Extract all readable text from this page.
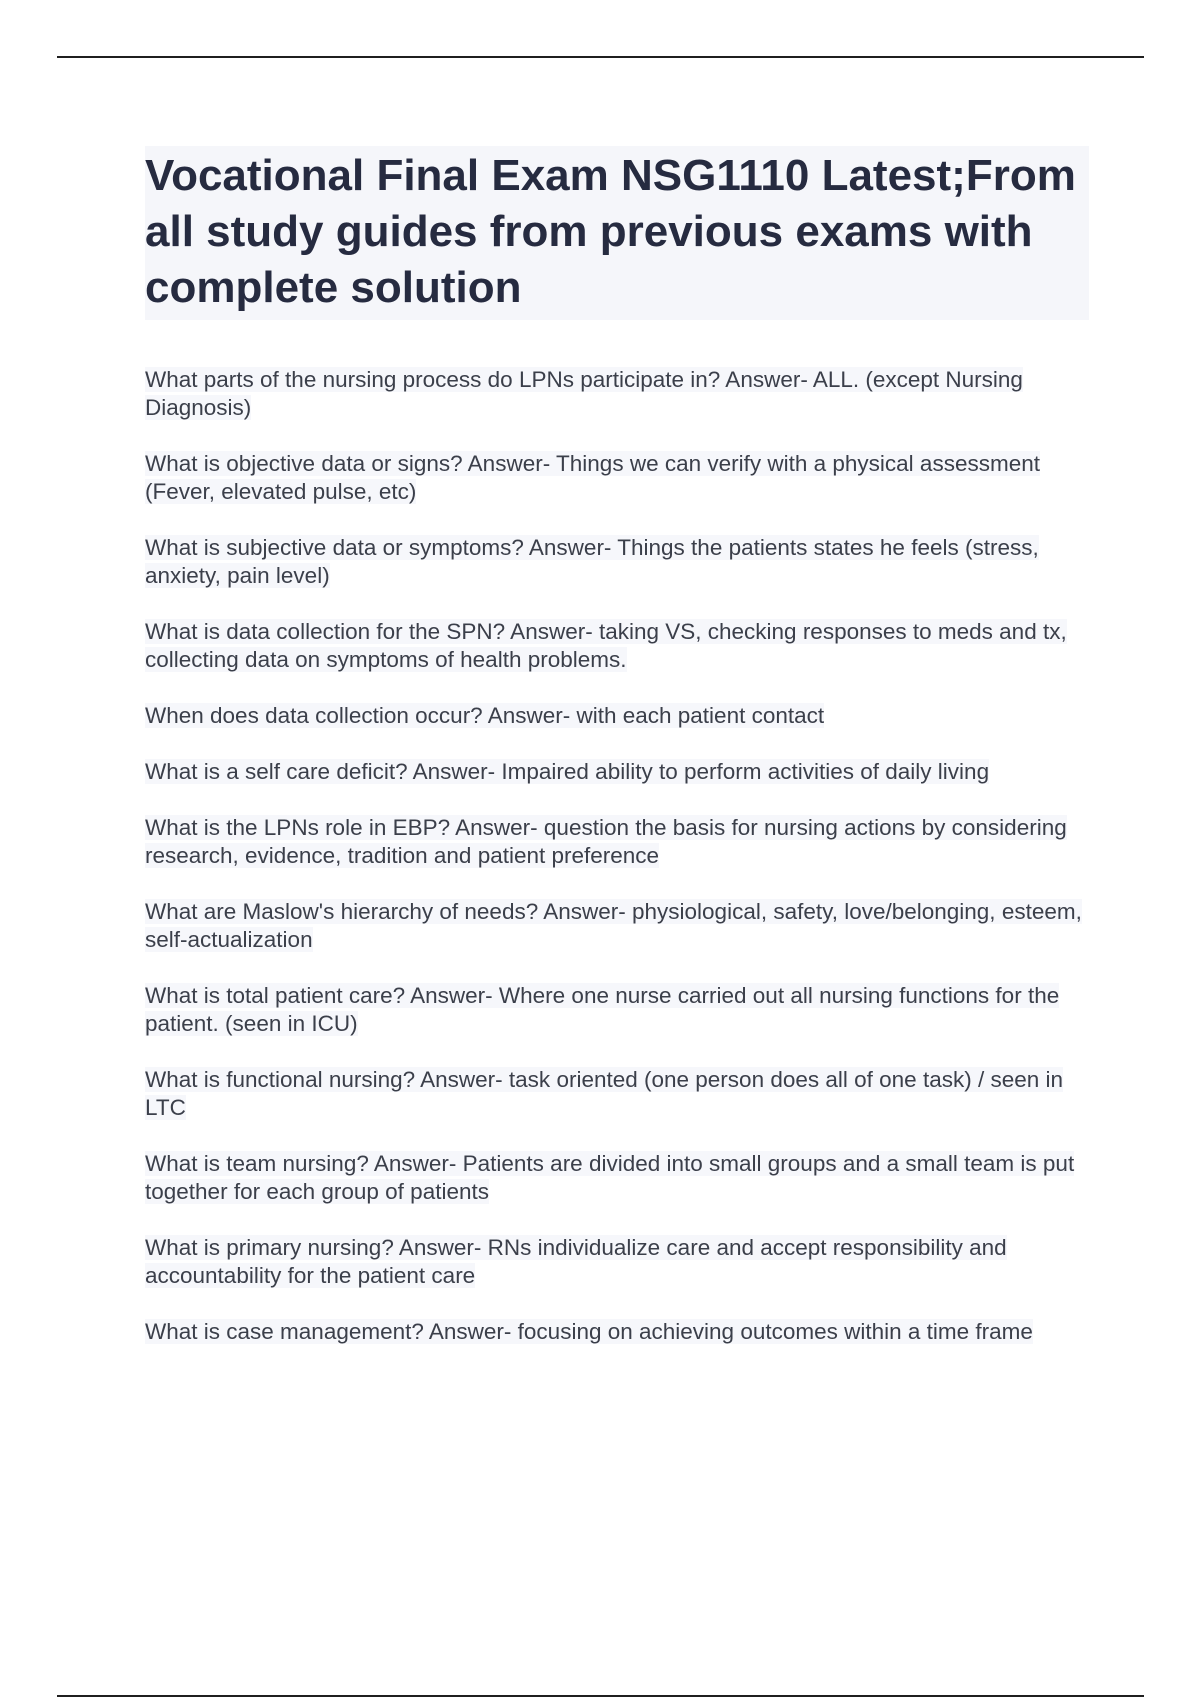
Vocational Final Exam NSG1110 Latest;From all study guides from previous exams with complete solution

What parts of the nursing process do LPNs participate in? Answer- ALL. (except Nursing Diagnosis)

What is objective data or signs? Answer- Things we can verify with a physical assessment (Fever, elevated pulse, etc)

What is subjective data or symptoms? Answer- Things the patients states he feels (stress, anxiety, pain level)

What is data collection for the SPN? Answer- taking VS, checking responses to meds and tx, collecting data on symptoms of health problems.

When does data collection occur? Answer- with each patient contact

What is a self care deficit? Answer- Impaired ability to perform activities of daily living

What is the LPNs role in EBP? Answer- question the basis for nursing actions by considering research, evidence, tradition and patient preference

What are Maslow's hierarchy of needs? Answer- physiological, safety, love/belonging, esteem, self-actualization

What is total patient care? Answer- Where one nurse carried out all nursing functions for the patient. (seen in ICU)

What is functional nursing? Answer- task oriented (one person does all of one task) / seen in LTC

What is team nursing? Answer- Patients are divided into small groups and a small team is put together for each group of patients

What is primary nursing? Answer- RNs individualize care and accept responsibility and accountability for the patient care

What is case management? Answer- focusing on achieving outcomes within a time frame
